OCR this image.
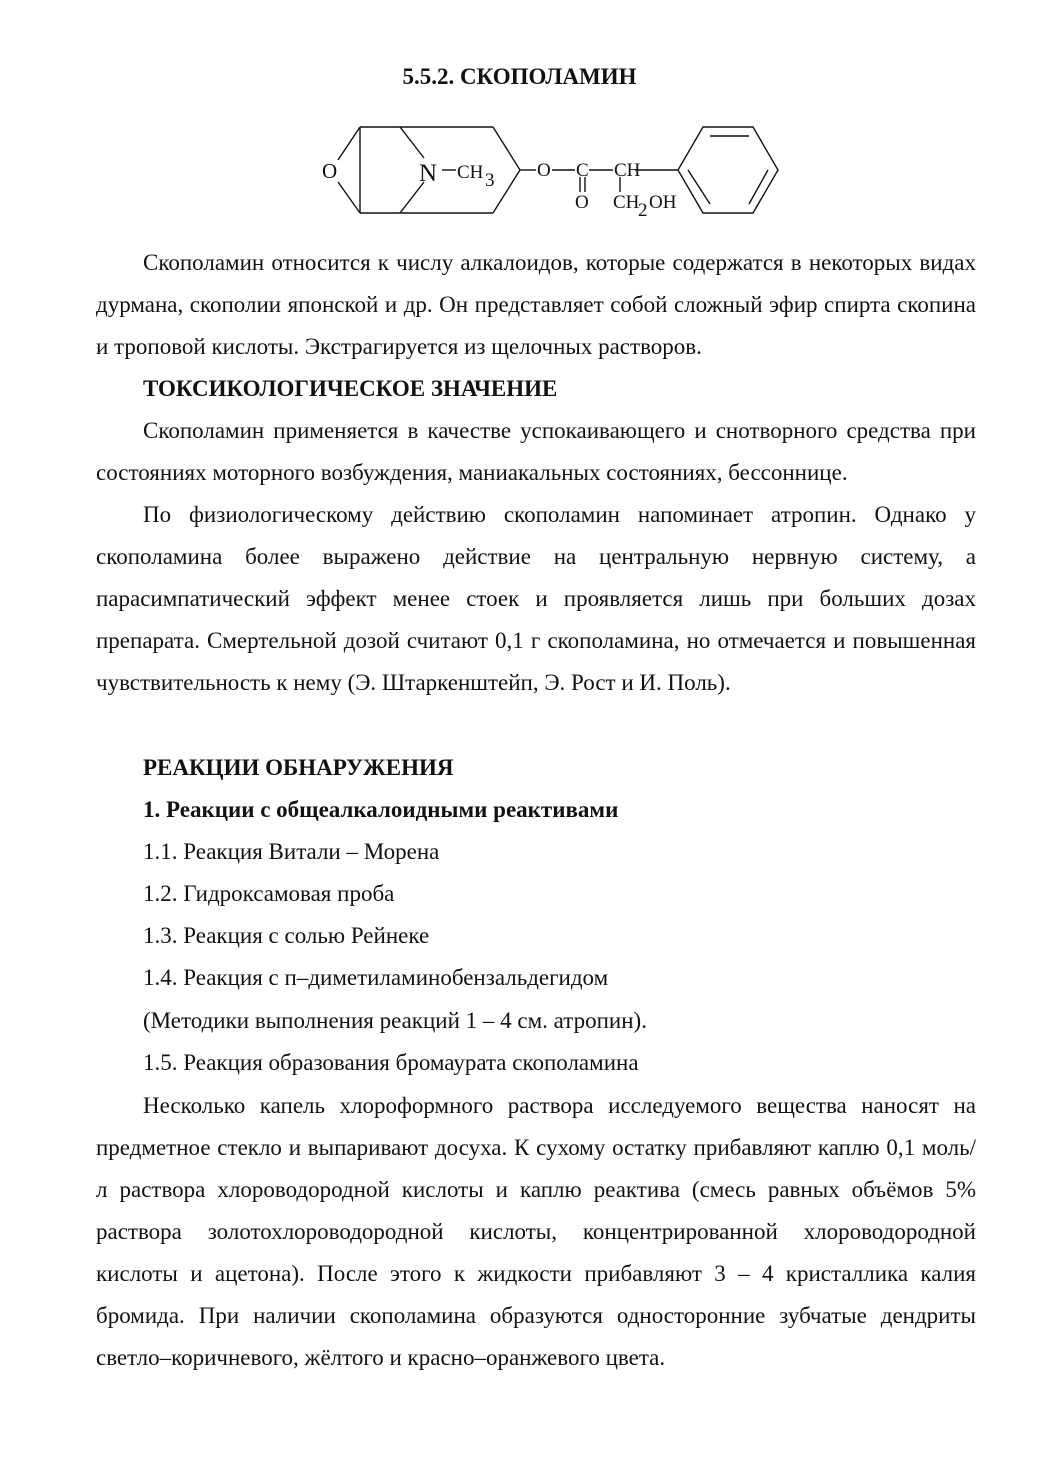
5.5.2. СКОПОЛАМИН
O	N CH 3 O C CH
O CH
2 OH

Скополамин относится к числу алкалоидов, которые содержатся в некоторых видах дурмана, скополии японской и др. Он представляет собой сложный эфир спирта скопина и троповой кислоты. Экстрагируется из щелочных растворов.

ТОКСИКОЛОГИЧЕСКОЕ ЗНАЧЕНИЕ

Скополамин применяется в качестве успокаивающего и снотворного средства при состояниях моторного возбуждения, маниакальных состояниях, бессоннице.

По физиологическому действию скополамин напоминает атропин. Однако у скополамина более выражено действие на центральную нервную систему, а парасимпатический эффект менее стоек и проявляется лишь при больших дозах препарата. Смертельной дозой считают 0,1 г скополамина, но отмечается и повышенная чувствительность к нему (Э. Штаркенштейп, Э. Рост и И. Поль).

РЕАКЦИИ ОБНАРУЖЕНИЯ

1. Реакции с общеалкалоидными реактивами

1.1. Реакция Витали – Морена

1.2. Гидроксамовая проба

1.3. Реакция с солью Рейнеке

1.4. Реакция с п–диметиламинобензальдегидом

(Методики выполнения реакций 1 – 4 см. атропин).

1.5. Реакция образования бромаурата скополамина

Несколько капель хлороформного раствора исследуемого вещества наносят на предметное стекло и выпаривают досуха. К сухому остатку прибавляют каплю 0,1 моль/л раствора хлороводородной кислоты и каплю реактива (смесь равных объёмов 5% раствора золотохлороводородной кислоты, концентрированной хлороводородной кислоты и ацетона). После этого к жидкости прибавляют 3 – 4 кристаллика калия бромида. При наличии скополамина образуются односторонние зубчатые дендриты светло–коричневого, жёлтого и красно–оранжевого цвета.
